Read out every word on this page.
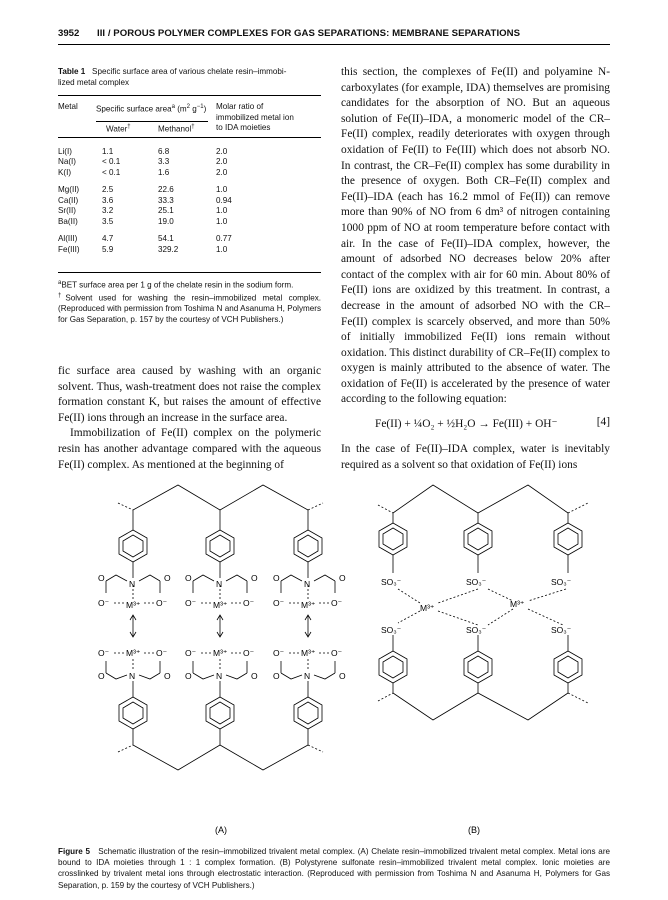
3952 III / POROUS POLYMER COMPLEXES FOR GAS SEPARATIONS: MEMBRANE SEPARATIONS
Table 1 Specific surface area of various chelate resin–immobi-
lized metal complex
Metal	Specific surface area$^a$ ($m^2$ $g^{-1}$)		Molar ratio of
immobilized metal ion
to IDA moieties

	Water†	Methanol†	
Li(I)	1.1	6.8	2.0
Na(I)	< 0.1	3.3	2.0
K(I)	< 0.1	1.6	2.0
Mg(II)	2.5	22.6	1.0
Ca(II)	3.6	33.3	0.94
Sr(II)	3.2	25.1	1.0
Ba(II)	3.5	19.0	1.0
Al(III)	4.7	54.1	0.77
Fe(III)	5.9	329.2	1.0
$^a$BET surface area per 1 g of the chelate resin in the sodium form.
†Solvent used for washing the resin–immobilized metal complex. (Reproduced with permission from Toshima N and Asanuma H, Polymers for Gas Separation, p. 157 by the courtesy of VCH Publishers.)

fic surface area caused by washing with an organic solvent. Thus, wash-treatment does not raise the complex formation constant K, but raises the amount of effective Fe(II) ions through an increase in the surface area.

Immobilization of Fe(II) complex on the polymeric resin has another advantage compared with the aqueous Fe(II) complex. As mentioned at the beginning of

this section, the complexes of Fe(II) and polyamine N-carboxylates (for example, IDA) themselves are promising candidates for the absorption of NO. But an aqueous solution of Fe(II)–IDA, a monomeric model of the CR–Fe(II) complex, readily deteriorates with oxygen through oxidation of Fe(II) to Fe(III) which does not absorb NO. In contrast, the CR–Fe(II) complex has some durability in the presence of oxygen. Both CR–Fe(II) complex and Fe(II)–IDA (each has 16.2 mmol of Fe(II)) can remove more than 90% of NO from 6 dm³ of nitrogen containing 1000 ppm of NO at room temperature before contact with air. In the case of Fe(II)–IDA complex, however, the amount of adsorbed NO decreases below 20% after contact of the complex with air for 60 min. About 80% of Fe(II) ions are oxidized by this treatment. In contrast, a decrease in the amount of adsorbed NO with the CR–Fe(II) complex is scarcely observed, and more than 50% of initially immobilized Fe(II) ions remain without oxidation. This distinct durability of CR–Fe(II) complex to oxygen is mainly attributed to the absence of water. The oxidation of Fe(II) is accelerated by the presence of water according to the following equation:

Fe(II) + ¼O₂ + ½H₂O → Fe(III) + OH⁻	[4]

In the case of Fe(II)–IDA complex, water is inevitably required as a solvent so that oxidation of Fe(II) ions

O	O O	O O	O
N	N	N
O⁻	O⁻ O⁻	O⁻ O⁻	O⁻
M³⁺	M³⁺	M³⁺
M³⁺	M³⁺	M³⁺
O⁻	O⁻ O⁻	O⁻ O⁻	O⁻
N	N	N
O	O O	O O	O
SO₃⁻	SO₃⁻	SO₃⁻
M³⁺	M³⁺
SO₃⁻	SO₃⁻	SO₃⁻
(A)	(B)
Figure 5 Schematic illustration of the resin–immobilized trivalent metal complex. (A) Chelate resin–immobilized trivalent metal complex. Metal ions are bound to IDA moieties through 1 : 1 complex formation. (B) Polystyrene sulfonate resin–immobilized trivalent metal complex. Ionic moieties are crosslinked by trivalent metal ions through electrostatic interaction. (Reproduced with permission from Toshima N and Asanuma H, Polymers for Gas Separation, p. 159 by the courtesy of VCH Publishers.)
